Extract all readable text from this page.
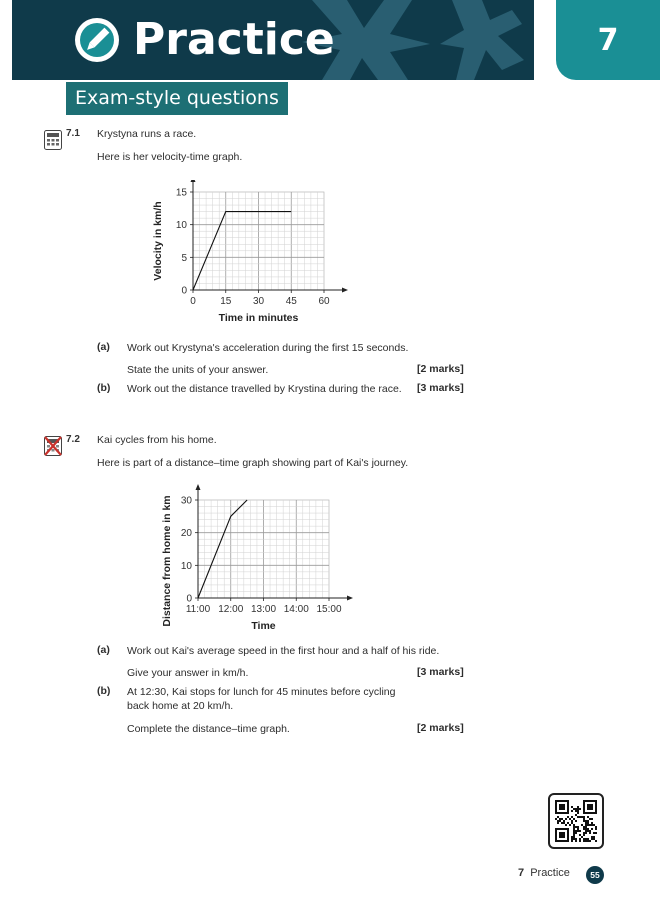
Practice	7
Exam-style questions
7.1 Krystyna runs a race.
Here is her velocity-time graph.
0 15 30 45 60
0
5
10
15
Time in minutes
Velocity in km/h
(a) Work out Krystyna's acceleration during the first 15 seconds.
State the units of your answer.	[2 marks]
(b) Work out the distance travelled by Krystina during the race. [3 marks]
7.2 Kai cycles from his home.
Here is part of a distance–time graph showing part of Kai's journey.
11:00 12:00 13:00 14:00 15:00
0
10
20
30
Time
Distance from home in km
(a) Work out Kai's average speed in the first hour and a half of his ride.
Give your answer in km/h.	[3 marks]
(b) At 12:30, Kai stops for lunch for 45 minutes before cycling
back home at 20 km/h.
Complete the distance–time graph.	[2 marks]
7 Practice	55
